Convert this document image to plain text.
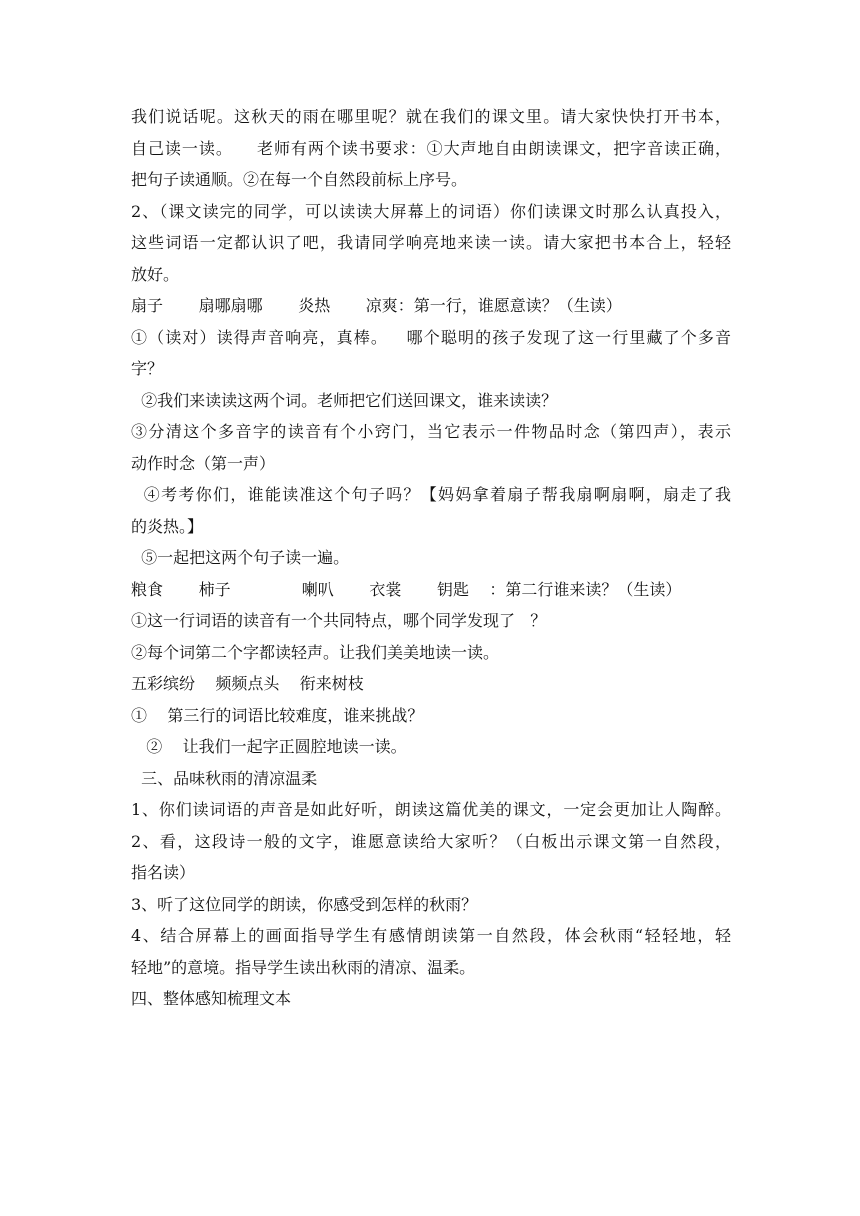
我们说话呢。这秋天的雨在哪里呢？就在我们的课文里。请大家快快打开书本，
自己读一读。    老师有两个读书要求：①大声地自由朗读课文，把字音读正确，
把句子读通顺。②在每一个自然段前标上序号。
2、（课文读完的同学，可以读读大屏幕上的词语）你们读课文时那么认真投入，
这些词语一定都认识了吧，我请同学响亮地来读一读。请大家把书本合上，轻轻
放好。
扇子       扇哪扇哪       炎热       凉爽：第一行，谁愿意读？（生读）
①（读对）读得声音响亮，真棒。   哪个聪明的孩子发现了这一行里藏了个多音
字？
②我们来读读这两个词。老师把它们送回课文，谁来读读？
③分清这个多音字的读音有个小窍门，当它表示一件物品时念（第四声），表示
动作时念（第一声）
④考考你们，谁能读准这个句子吗？【妈妈拿着扇子帮我扇啊扇啊，扇走了我
的炎热。】
⑤一起把这两个句子读一遍。
粮食       柿子              喇叭       衣裳       钥匙    ：第二行谁来读？（生读）
①这一行词语的读音有一个共同特点，哪个同学发现了   ？
②每个词第二个字都读轻声。让我们美美地读一读。
五彩缤纷    频频点头    衔来树枝
①    第三行的词语比较难度，谁来挑战？
②    让我们一起字正圆腔地读一读。
三、品味秋雨的清凉温柔
1、你们读词语的声音是如此好听，朗读这篇优美的课文，一定会更加让人陶醉。
2、看，这段诗一般的文字，谁愿意读给大家听？（白板出示课文第一自然段，
指名读）
3、听了这位同学的朗读，你感受到怎样的秋雨？
4、结合屏幕上的画面指导学生有感情朗读第一自然段，体会秋雨“轻轻地，轻
轻地”的意境。指导学生读出秋雨的清凉、温柔。
四、整体感知梳理文本
